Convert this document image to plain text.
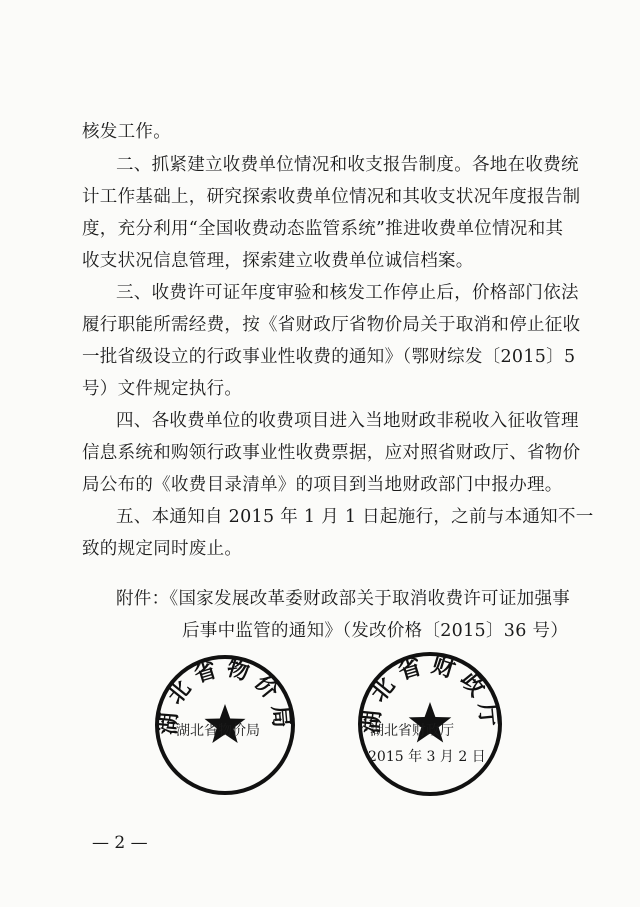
核发工作。
二、抓紧建立收费单位情况和收支报告制度。各地在收费统
计工作基础上，研究探索收费单位情况和其收支状况年度报告制
度，充分利用“全国收费动态监管系统”推进收费单位情况和其
收支状况信息管理，探索建立收费单位诚信档案。
三、收费许可证年度审验和核发工作停止后，价格部门依法
履行职能所需经费，按《省财政厅省物价局关于取消和停止征收
一批省级设立的行政事业性收费的通知》（鄂财综发〔2015〕5
号）文件规定执行。
四、各收费单位的收费项目进入当地财政非税收入征收管理
信息系统和购领行政事业性收费票据，应对照省财政厅、省物价
局公布的《收费目录清单》的项目到当地财政部门中报办理。
五、本通知自 2015 年 1 月 1 日起施行，之前与本通知不一
致的规定同时废止。
附件：《国家发展改革委财政部关于取消收费许可证加强事
后事中监管的通知》（发改价格〔2015〕36 号）
湖北省物价局	湖北省财政厅
湖北省物价局	湖北省财政厅
2015 年 3 月 2 日
— 2 —
